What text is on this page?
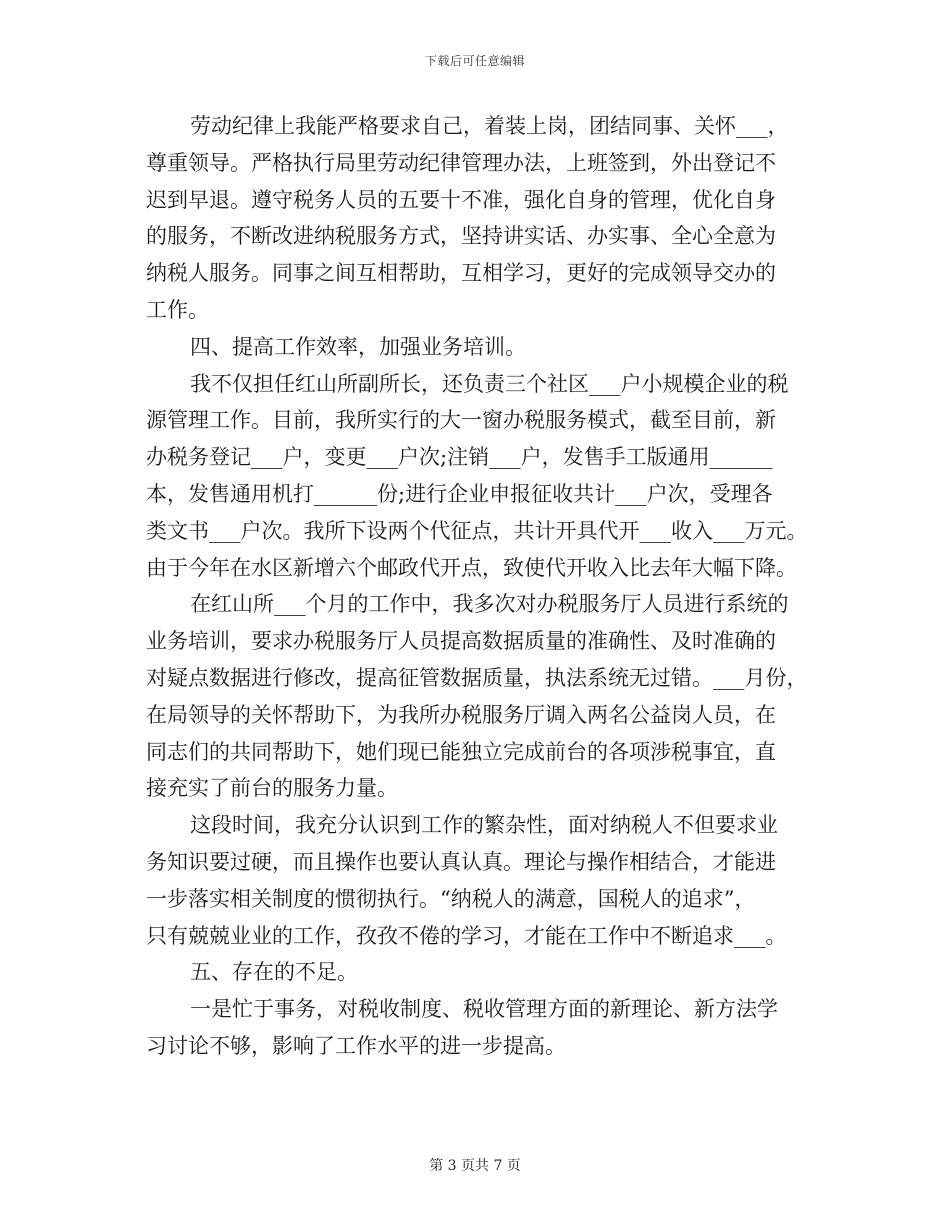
下载后可任意编辑
劳动纪律上我能严格要求自己，着装上岗，团结同事、关怀___，
尊重领导。严格执行局里劳动纪律管理办法，上班签到，外出登记不
迟到早退。遵守税务人员的五要十不准，强化自身的管理，优化自身
的服务，不断改进纳税服务方式，坚持讲实话、办实事、全心全意为
纳税人服务。同事之间互相帮助，互相学习，更好的完成领导交办的
工作。
四、提高工作效率，加强业务培训。
我不仅担任红山所副所长，还负责三个社区___户小规模企业的税
源管理工作。目前，我所实行的大一窗办税服务模式，截至目前，新
办税务登记___户，变更___户次;注销___户，发售手工版通用______
本，发售通用机打______份;进行企业申报征收共计___户次，受理各
类文书___户次。我所下设两个代征点，共计开具代开___收入___万元。
由于今年在水区新增六个邮政代开点，致使代开收入比去年大幅下降。
在红山所___个月的工作中，我多次对办税服务厅人员进行系统的
业务培训，要求办税服务厅人员提高数据质量的准确性、及时准确的
对疑点数据进行修改，提高征管数据质量，执法系统无过错。___月份，
在局领导的关怀帮助下，为我所办税服务厅调入两名公益岗人员，在
同志们的共同帮助下，她们现已能独立完成前台的各项涉税事宜，直
接充实了前台的服务力量。
这段时间，我充分认识到工作的繁杂性，面对纳税人不但要求业
务知识要过硬，而且操作也要认真认真。理论与操作相结合，才能进
一步落实相关制度的惯彻执行。“纳税人的满意，国税人的追求”，
只有兢兢业业的工作，孜孜不倦的学习，才能在工作中不断追求___。
五、存在的不足。
一是忙于事务，对税收制度、税收管理方面的新理论、新方法学
习讨论不够，影响了工作水平的进一步提高。
第 3 页共 7 页
